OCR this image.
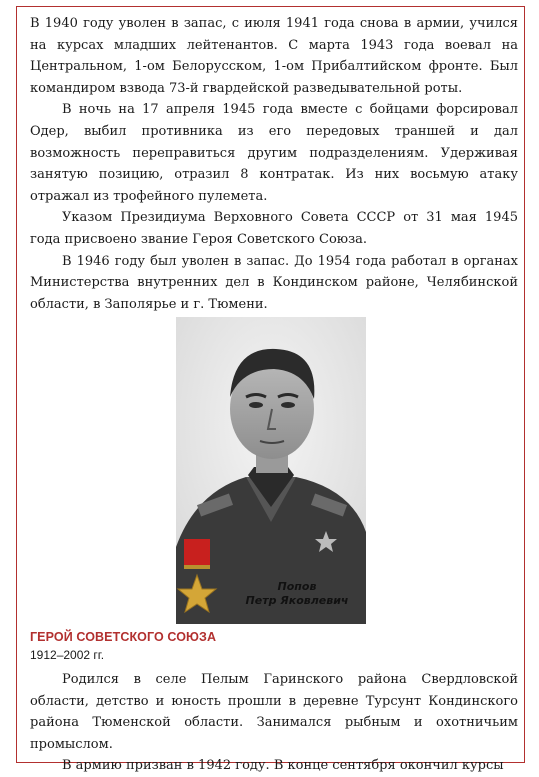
В 1940 году уволен в запас, с июля 1941 года снова в армии, учился на курсах младших лейтенантов. С марта 1943 года воевал на Центральном, 1-ом Белорусском, 1-ом Прибалтийском фронте. Был командиром взвода 73-й гвардейской разведывательной роты.

В ночь на 17 апреля 1945 года вместе с бойцами форсировал Одер, выбил противника из его передовых траншей и дал возможность переправиться другим подразделениям. Удерживая занятую позицию, отразил 8 контратак. Из них восьмую атаку отражал из трофейного пулемета.

Указом Президиума Верховного Совета СССР от 31 мая 1945 года присвоено звание Героя Советского Союза.

В 1946 году был уволен в запас. До 1954 года работал в органах Министерства внутренних дел в Кондинском районе, Челябинской области, в Заполярье и г. Тюмени.

Попов
Петр Яковлевич
ГЕРОЙ СОВЕТСКОГО СОЮЗА
1912–2002 гг.

Родился в селе Пелым Гаринского района Свердловской области, детство и юность прошли в деревне Турсунт Кондинского района Тюменской области. Занимался рыбным и охотничьим промыслом.

В армию призван в 1942 году. В конце сентября окончил курсы
